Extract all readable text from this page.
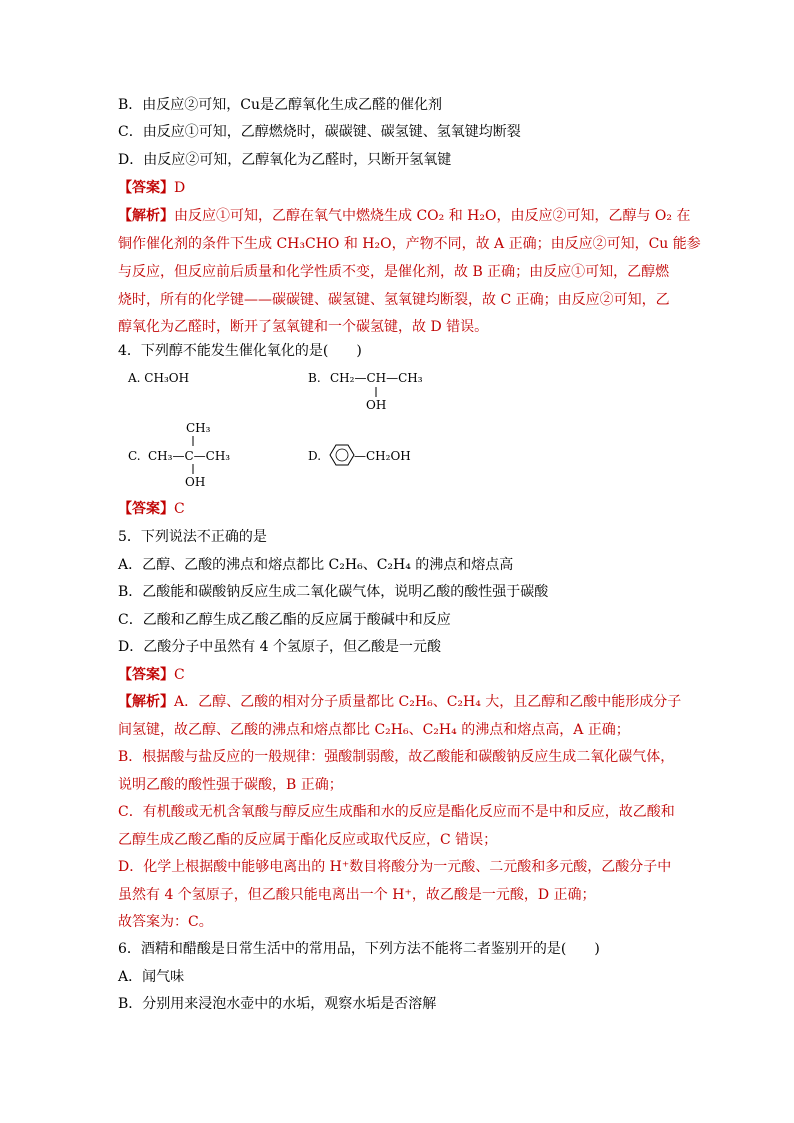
B．由反应②可知，Cu是乙醇氧化生成乙醛的催化剂
C．由反应①可知，乙醇燃烧时，碳碳键、碳氢键、氢氧键均断裂
D．由反应②可知，乙醇氧化为乙醛时，只断开氢氧键
【答案】D
【解析】由反应①可知，乙醇在氧气中燃烧生成 CO₂ 和 H₂O，由反应②可知，乙醇与 O₂ 在
铜作催化剂的条件下生成 CH₃CHO 和 H₂O，产物不同，故 A 正确；由反应②可知，Cu 能参
与反应，但反应前后质量和化学性质不变，是催化剂，故 B 正确；由反应①可知，乙醇燃
烧时，所有的化学键——碳碳键、碳氢键、氢氧键均断裂，故 C 正确；由反应②可知，乙
醇氧化为乙醛时，断开了氢氧键和一个碳氢键，故 D 错误。
4．下列醇不能发生催化氧化的是(　　)
A. CH₃OH	B. CH₂—CH—CH₃
OH
CH₃
C. CH₃—C—CH₃
OH
D.	—CH₂OH
【答案】C
5．下列说法不正确的是
A．乙醇、乙酸的沸点和熔点都比 C₂H₆、C₂H₄ 的沸点和熔点高
B．乙酸能和碳酸钠反应生成二氧化碳气体，说明乙酸的酸性强于碳酸
C．乙酸和乙醇生成乙酸乙酯的反应属于酸碱中和反应
D．乙酸分子中虽然有 4 个氢原子，但乙酸是一元酸
【答案】C
【解析】A．乙醇、乙酸的相对分子质量都比 C₂H₆、C₂H₄ 大，且乙醇和乙酸中能形成分子
间氢键，故乙醇、乙酸的沸点和熔点都比 C₂H₆、C₂H₄ 的沸点和熔点高，A 正确；
B．根据酸与盐反应的一般规律：强酸制弱酸，故乙酸能和碳酸钠反应生成二氧化碳气体，
说明乙酸的酸性强于碳酸，B 正确；
C．有机酸或无机含氧酸与醇反应生成酯和水的反应是酯化反应而不是中和反应，故乙酸和
乙醇生成乙酸乙酯的反应属于酯化反应或取代反应，C 错误；
D．化学上根据酸中能够电离出的 H⁺数目将酸分为一元酸、二元酸和多元酸，乙酸分子中
虽然有 4 个氢原子，但乙酸只能电离出一个 H⁺，故乙酸是一元酸，D 正确；
故答案为：C。
6．酒精和醋酸是日常生活中的常用品，下列方法不能将二者鉴别开的是(　　)
A．闻气味
B．分别用来浸泡水壶中的水垢，观察水垢是否溶解
